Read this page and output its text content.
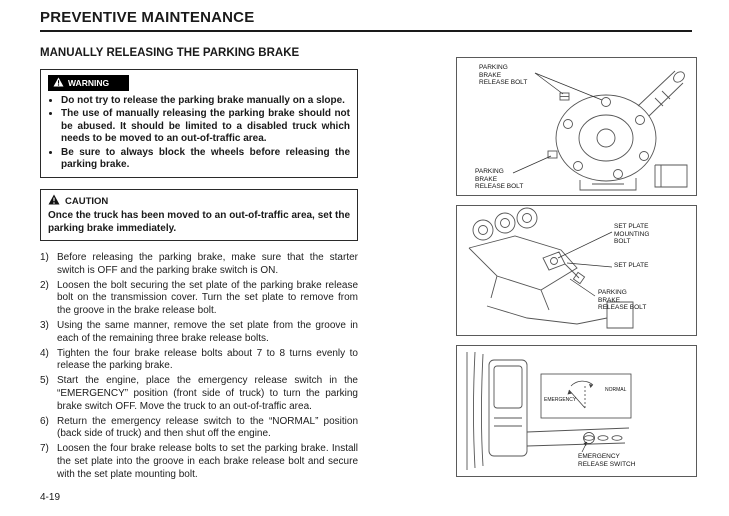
PREVENTIVE MAINTENANCE
MANUALLY RELEASING THE PARKING BRAKE
WARNING
• Do not try to release the parking brake manually on a slope.
• The use of manually releasing the parking brake should not be abused. It should be limited to a disabled truck which needs to be moved to an out-of-traffic area.
• Be sure to always block the wheels before releasing the parking brake.
CAUTION
Once the truck has been moved to an out-of-traffic area, set the parking brake immediately.
1) Before releasing the parking brake, make sure that the starter switch is OFF and the parking brake switch is ON.
2) Loosen the bolt securing the set plate of the parking brake release bolt on the transmission cover. Turn the set plate to remove from the groove in the brake release bolt.
3) Using the same manner, remove the set plate from the groove in each of the remaining three brake release bolts.
4) Tighten the four brake release bolts about 7 to 8 turns evenly to release the parking brake.
5) Start the engine, place the emergency release switch in the “EMERGENCY” position (front side of truck) to turn the parking brake switch OFF. Move the truck to an out-of-traffic area.
6) Return the emergency release switch to the “NORMAL” position (back side of truck) and then shut off the engine.
7) Loosen the four brake release bolts to set the parking brake. Install the set plate into the groove in each brake release bolt and secure with the set plate mounting bolt.
4-19
PARKING BRAKE RELEASE BOLT
PARKING BRAKE RELEASE BOLT
SET PLATE MOUNTING BOLT
SET PLATE
PARKING BRAKE RELEASE BOLT
EMERGENCY
NORMAL
EMERGENCY RELEASE SWITCH
